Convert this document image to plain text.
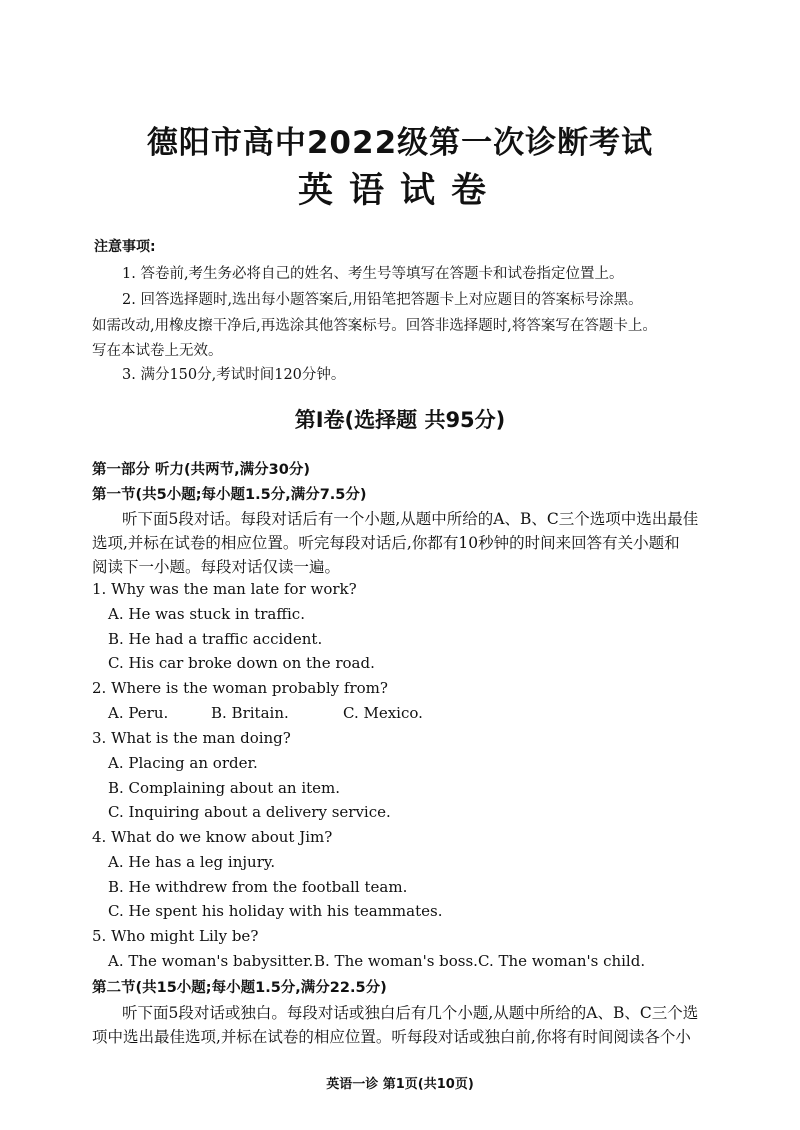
德阳市高中2022级第一次诊断考试
英语试卷
注意事项:
1. 答卷前,考生务必将自己的姓名、考生号等填写在答题卡和试卷指定位置上。
2. 回答选择题时,选出每小题答案后,用铅笔把答题卡上对应题目的答案标号涂黑。
如需改动,用橡皮擦干净后,再选涂其他答案标号。回答非选择题时,将答案写在答题卡上。
写在本试卷上无效。
3. 满分150分,考试时间120分钟。
第Ⅰ卷(选择题 共95分)
第一部分 听力(共两节,满分30分)
第一节(共5小题;每小题1.5分,满分7.5分)
听下面5段对话。每段对话后有一个小题,从题中所给的A、B、C三个选项中选出最佳
选项,并标在试卷的相应位置。听完每段对话后,你都有10秒钟的时间来回答有关小题和
阅读下一小题。每段对话仅读一遍。
1. Why was the man late for work?
A. He was stuck in traffic.
B. He had a traffic accident.
C. His car broke down on the road.
2. Where is the woman probably from?
A. Peru.	B. Britain.	C. Mexico.
3. What is the man doing?
A. Placing an order.
B. Complaining about an item.
C. Inquiring about a delivery service.
4. What do we know about Jim?
A. He has a leg injury.
B. He withdrew from the football team.
C. He spent his holiday with his teammates.
5. Who might Lily be?
A. The woman's babysitter. B. The woman's boss. C. The woman's child.
第二节(共15小题;每小题1.5分,满分22.5分)
听下面5段对话或独白。每段对话或独白后有几个小题,从题中所给的A、B、C三个选
项中选出最佳选项,并标在试卷的相应位置。听每段对话或独白前,你将有时间阅读各个小
英语一诊 第1页(共10页)
